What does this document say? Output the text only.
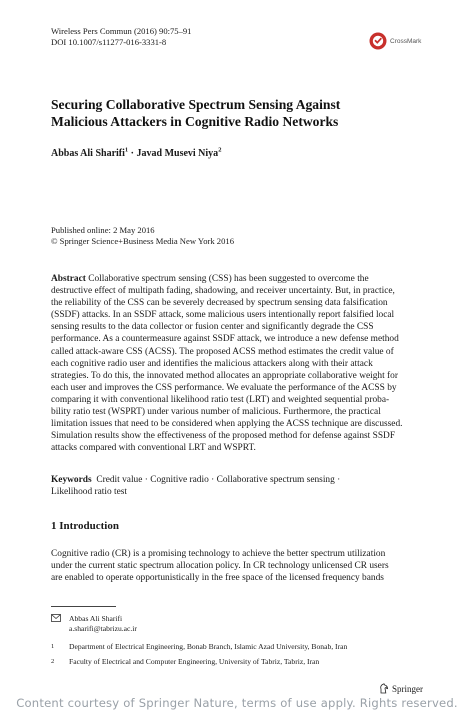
Wireless Pers Commun (2016) 90:75–91
DOI 10.1007/s11277-016-3331-8	CrossMark
Securing Collaborative Spectrum Sensing Against
Malicious Attackers in Cognitive Radio Networks
Abbas Ali Sharifi$^1$ · Javad Musevi Niya$^2$
Published online: 2 May 2016
© Springer Science+Business Media New York 2016
Abstract Collaborative spectrum sensing (CSS) has been suggested to overcome the
destructive effect of multipath fading, shadowing, and receiver uncertainty. But, in practice,
the reliability of the CSS can be severely decreased by spectrum sensing data falsification
(SSDF) attacks. In an SSDF attack, some malicious users intentionally report falsified local
sensing results to the data collector or fusion center and significantly degrade the CSS
performance. As a countermeasure against SSDF attack, we introduce a new defense method
called attack-aware CSS (ACSS). The proposed ACSS method estimates the credit value of
each cognitive radio user and identifies the malicious attackers along with their attack
strategies. To do this, the innovated method allocates an appropriate collaborative weight for
each user and improves the CSS performance. We evaluate the performance of the ACSS by
comparing it with conventional likelihood ratio test (LRT) and weighted sequential proba-
bility ratio test (WSPRT) under various number of malicious. Furthermore, the practical
limitation issues that need to be considered when applying the ACSS technique are discussed.
Simulation results show the effectiveness of the proposed method for defense against SSDF
attacks compared with conventional LRT and WSPRT.
Keywords Credit value · Cognitive radio · Collaborative spectrum sensing ·
Likelihood ratio test
1 Introduction
Cognitive radio (CR) is a promising technology to achieve the better spectrum utilization
under the current static spectrum allocation policy. In CR technology unlicensed CR users
are enabled to operate opportunistically in the free space of the licensed frequency bands
Abbas Ali Sharifi
a.sharifi@tabrizu.ac.ir
1	Department of Electrical Engineering, Bonab Branch, Islamic Azad University, Bonab, Iran
2	Faculty of Electrical and Computer Engineering, University of Tabriz, Tabriz, Iran
Springer
Content courtesy of Springer Nature, terms of use apply. Rights reserved.
